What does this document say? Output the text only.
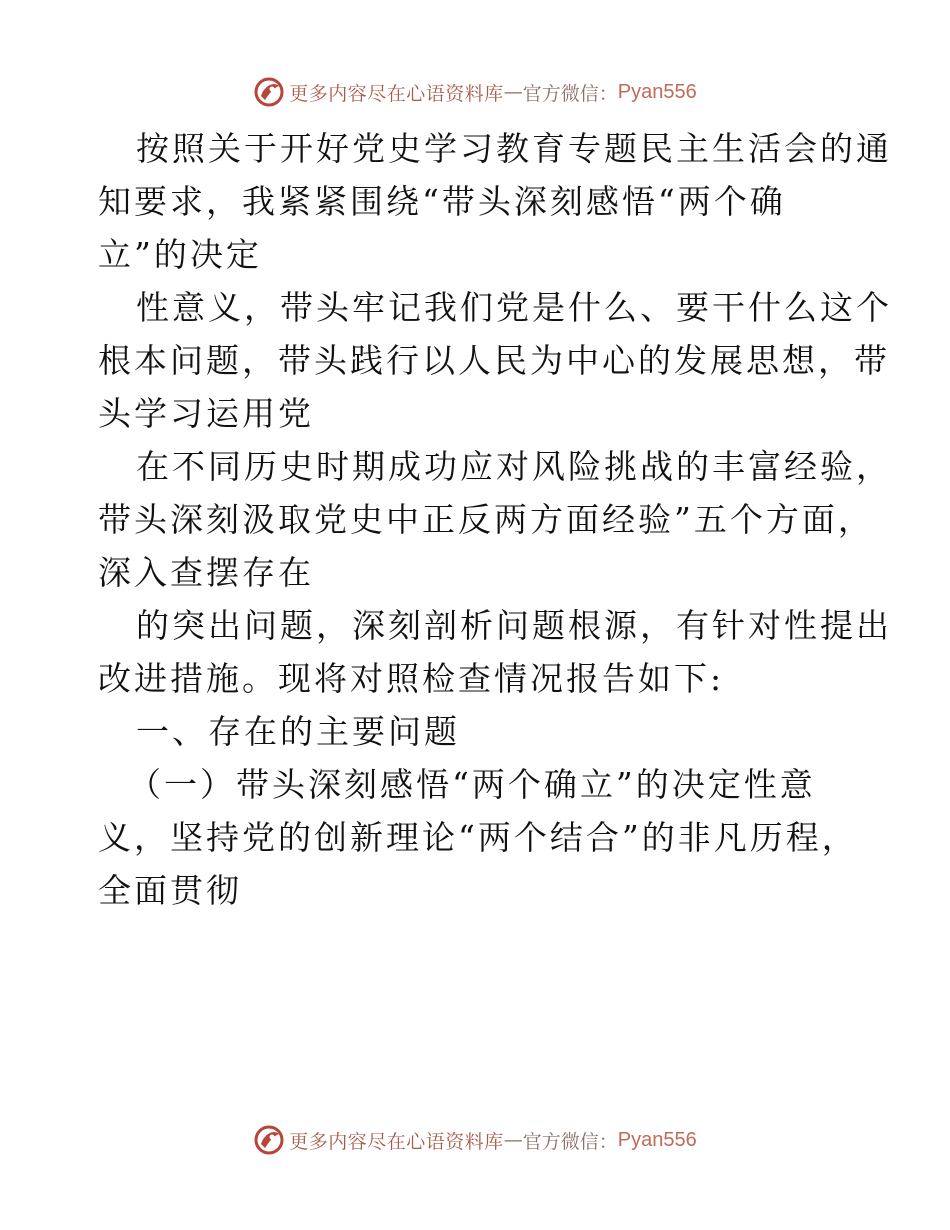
更多内容尽在心语资料库 — 官方微信： Pyan556
按照关于开好党史学习教育专题民主生活会的通
知要求，我紧紧围绕“带头深刻感悟“两个确
立”的决定
性意义，带头牢记我们党是什么、要干什么这个
根本问题，带头践行以人民为中心的发展思想，带
头学习运用党
在不同历史时期成功应对风险挑战的丰富经验，
带头深刻汲取党史中正反两方面经验”五个方面，
深入查摆存在
的突出问题，深刻剖析问题根源，有针对性提出
改进措施。现将对照检查情况报告如下:
一、存在的主要问题
（一）带头深刻感悟“两个确立”的决定性意
义，坚持党的创新理论“两个结合”的非凡历程，
全面贯彻
更多内容尽在心语资料库 — 官方微信： Pyan556
